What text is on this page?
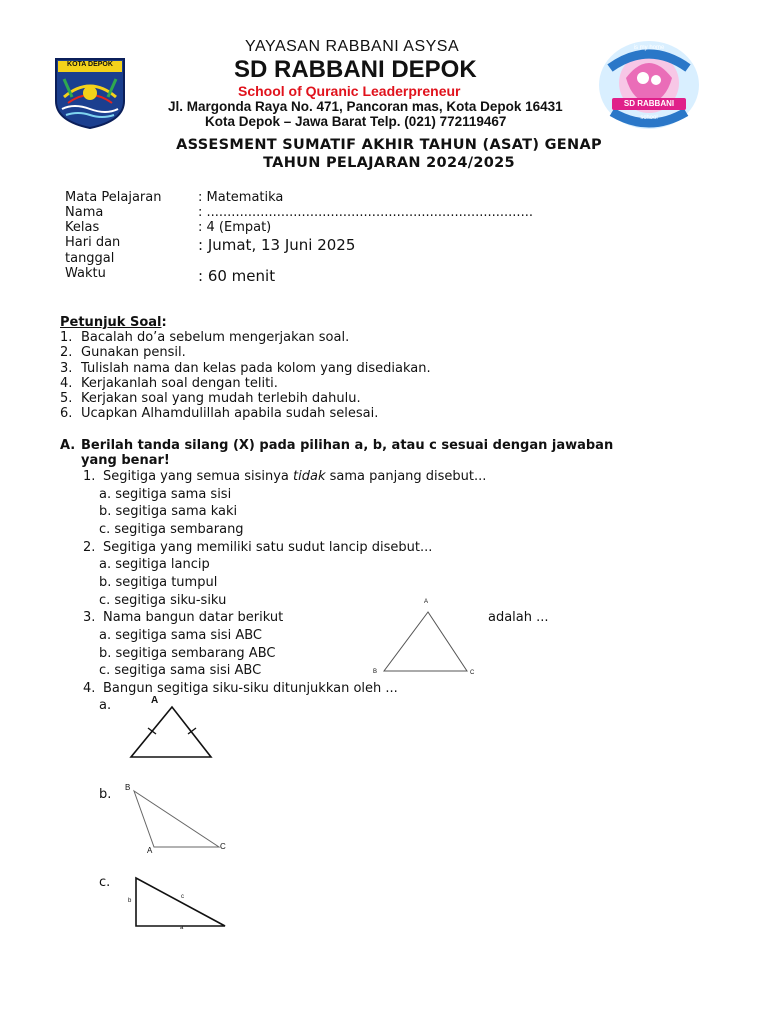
KOTA DEPOK
is my home
SD RABBANI
school
YAYASAN RABBANI ASYSA
SD RABBANI DEPOK
School of Quranic Leaderpreneur
Jl. Margonda Raya No. 471, Pancoran mas, Kota Depok 16431
Kota Depok – Jawa Barat Telp. (021) 772119467
ASSESMENT SUMATIF AKHIR TAHUN (ASAT) GENAP
TAHUN PELAJARAN 2024/2025
Mata Pelajaran	: Matematika
Nama	: ...............................................................................
Kelas	: 4 (Empat)
Hari dan
tanggal
: Jumat, 13 Juni 2025
Waktu	: 60 menit
Petunjuk Soal:
1. Bacalah do’a sebelum mengerjakan soal.
2. Gunakan pensil.
3. Tulislah nama dan kelas pada kolom yang disediakan.
4. Kerjakanlah soal dengan teliti.
5. Kerjakan soal yang mudah terlebih dahulu.
6. Ucapkan Alhamdulillah apabila sudah selesai.
A. Berilah tanda silang (X) pada pilihan a, b, atau c sesuai dengan jawaban
yang benar!
1. Segitiga yang semua sisinya tidak sama panjang disebut...
a. segitiga sama sisi
b. segitiga sama kaki
c. segitiga sembarang
2. Segitiga yang memiliki satu sudut lancip disebut...
a. segitiga lancip
b. segitiga tumpul
c. segitiga siku-siku
3. Nama bangun datar berikut	adalah ...
a. segitiga sama sisi ABC
b. segitiga sembarang ABC
c. segitiga sama sisi ABC
A
B	C
4. Bangun segitiga siku-siku ditunjukkan oleh ...
a.	A
b. B
A	C
c.
b
c
a
